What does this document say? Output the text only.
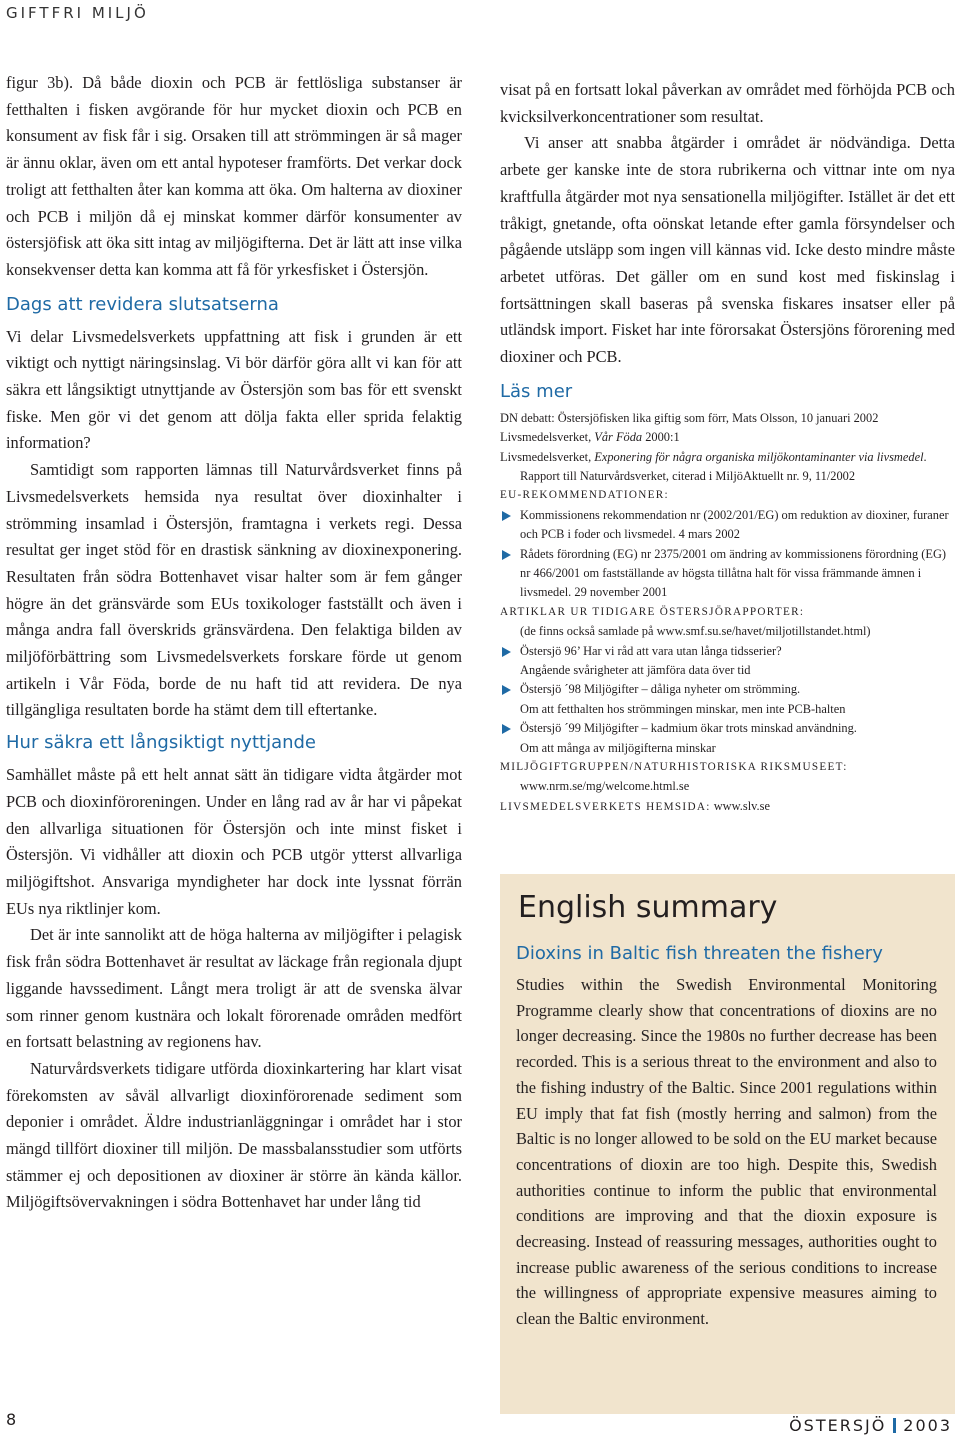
GIFTFRI MILJÖ

figur 3b). Då både dioxin och PCB är fettlösliga substanser är fetthalten i fisken avgörande för hur mycket dioxin och PCB en konsument av fisk får i sig. Orsaken till att strömmingen är så mager är ännu oklar, även om ett antal hypoteser framförts. Det verkar dock troligt att fetthalten åter kan komma att öka. Om halterna av dioxiner och PCB i miljön då ej minskat kommer därför konsumenter av östersjöfisk att öka sitt intag av miljögifterna. Det är lätt att inse vilka konsekvenser detta kan komma att få för yrkesfisket i Östersjön.

Dags att revidera slutsatserna

Vi delar Livsmedelsverkets uppfattning att fisk i grunden är ett viktigt och nyttigt näringsinslag. Vi bör därför göra allt vi kan för att säkra ett långsiktigt utnyttjande av Östersjön som bas för ett svenskt fiske. Men gör vi det genom att dölja fakta eller sprida felaktig information?

Samtidigt som rapporten lämnas till Naturvårdsverket finns på Livsmedelsverkets hemsida nya resultat över dioxinhalter i strömming insamlad i Östersjön, framtagna i verkets regi. Dessa resultat ger inget stöd för en drastisk sänkning av dioxinexponering. Resultaten från södra Bottenhavet visar halter som är fem gånger högre än det gränsvärde som EUs toxikologer fastställt och även i många andra fall överskrids gränsvärdena. Den felaktiga bilden av miljöförbättring som Livsmedelsverkets forskare förde ut genom artikeln i Vår Föda, borde de nu haft tid att revidera. De nya tillgängliga resultaten borde ha stämt dem till eftertanke.

Hur säkra ett långsiktigt nyttjande

Samhället måste på ett helt annat sätt än tidigare vidta åtgärder mot PCB och dioxinföroreningen. Under en lång rad av år har vi påpekat den allvarliga situationen för Östersjön och inte minst fisket i Östersjön. Vi vidhåller att dioxin och PCB utgör ytterst allvarliga miljögiftshot. Ansvariga myndigheter har dock inte lyssnat förrän EUs nya riktlinjer kom.

Det är inte sannolikt att de höga halterna av miljögifter i pelagisk fisk från södra Bottenhavet är resultat av läckage från regionala djupt liggande havssediment. Långt mera troligt är att de svenska älvar som rinner genom kustnära och lokalt förorenade områden medfört en fortsatt belastning av regionens hav.

Naturvårdsverkets tidigare utförda dioxinkartering har klart visat förekomsten av såväl allvarligt dioxinförorenade sediment som deponier i området. Äldre industrianläggningar i området har i stor mängd tillfört dioxiner till miljön. De massbalansstudier som utförts stämmer ej och depositionen av dioxiner är större än kända källor. Miljögiftsövervakningen i södra Bottenhavet har under lång tid

visat på en fortsatt lokal påverkan av området med förhöjda PCB och kvicksilverkoncentrationer som resultat.

Vi anser att snabba åtgärder i området är nödvändiga. Detta arbete ger kanske inte de stora rubrikerna och vittnar inte om nya kraftfulla åtgärder mot nya sensationella miljögifter. Istället är det ett tråkigt, gnetande, ofta oönskat letande efter gamla försyndelser och pågående utsläpp som ingen vill kännas vid. Icke desto mindre måste arbetet utföras. Det gäller om en sund kost med fiskinslag i fortsättningen skall baseras på svenska fiskares insatser eller på utländsk import. Fisket har inte förorsakat Östersjöns förorening med dioxiner och PCB.

Läs mer
DN debatt: Östersjöfisken lika giftig som förr, Mats Olsson, 10 januari 2002
Livsmedelsverket, Vår Föda 2000:1
Livsmedelsverket, Exponering för några organiska miljökontaminanter via livsmedel.
Rapport till Naturvårdsverket, citerad i MiljöAktuellt nr. 9, 11/2002
EU-REKOMMENDATIONER:
Kommissionens rekommendation nr (2002/201/EG) om reduktion av dioxiner, furaner och PCB i foder och livsmedel. 4 mars 2002
Rådets förordning (EG) nr 2375/2001 om ändring av kommissionens förordning (EG) nr 466/2001 om fastställande av högsta tillåtna halt för vissa främmande ämnen i livsmedel. 29 november 2001
ARTIKLAR UR TIDIGARE ÖSTERSJÖRAPPORTER:
(de finns också samlade på www.smf.su.se/havet/miljotillstandet.html)
Östersjö 96’ Har vi råd att vara utan långa tidsserier?
Angående svårigheter att jämföra data över tid
Östersjö ´98 Miljögifter – dåliga nyheter om strömming.
Om att fetthalten hos strömmingen minskar, men inte PCB-halten
Östersjö ´99 Miljögifter – kadmium ökar trots minskad användning.
Om att många av miljögifterna minskar
MILJÖGIFTGRUPPEN/NATURHISTORISKA RIKSMUSEET:
www.nrm.se/mg/welcome.html.se
LIVSMEDELSVERKETS HEMSIDA: www.slv.se
English summary
Dioxins in Baltic fish threaten the fishery

Studies within the Swedish Environmental Monitoring Programme clearly show that concentrations of dioxins are no longer decreasing. Since the 1980s no further decrease has been recorded. This is a serious threat to the environment and also to the fishing industry of the Baltic. Since 2001 regulations within EU imply that fat fish (mostly herring and salmon) from the Baltic is no longer allowed to be sold on the EU market because concentrations of dioxin are too high. Despite this, Swedish authorities continue to inform the public that environmental conditions are improving and that the dioxin exposure is decreasing. Instead of reassuring messages, authorities ought to increase public awareness of the serious conditions to increase the willingness of appropriate expensive measures aiming to clean the Baltic environment.

8	ÖSTERSJÖ 2003
